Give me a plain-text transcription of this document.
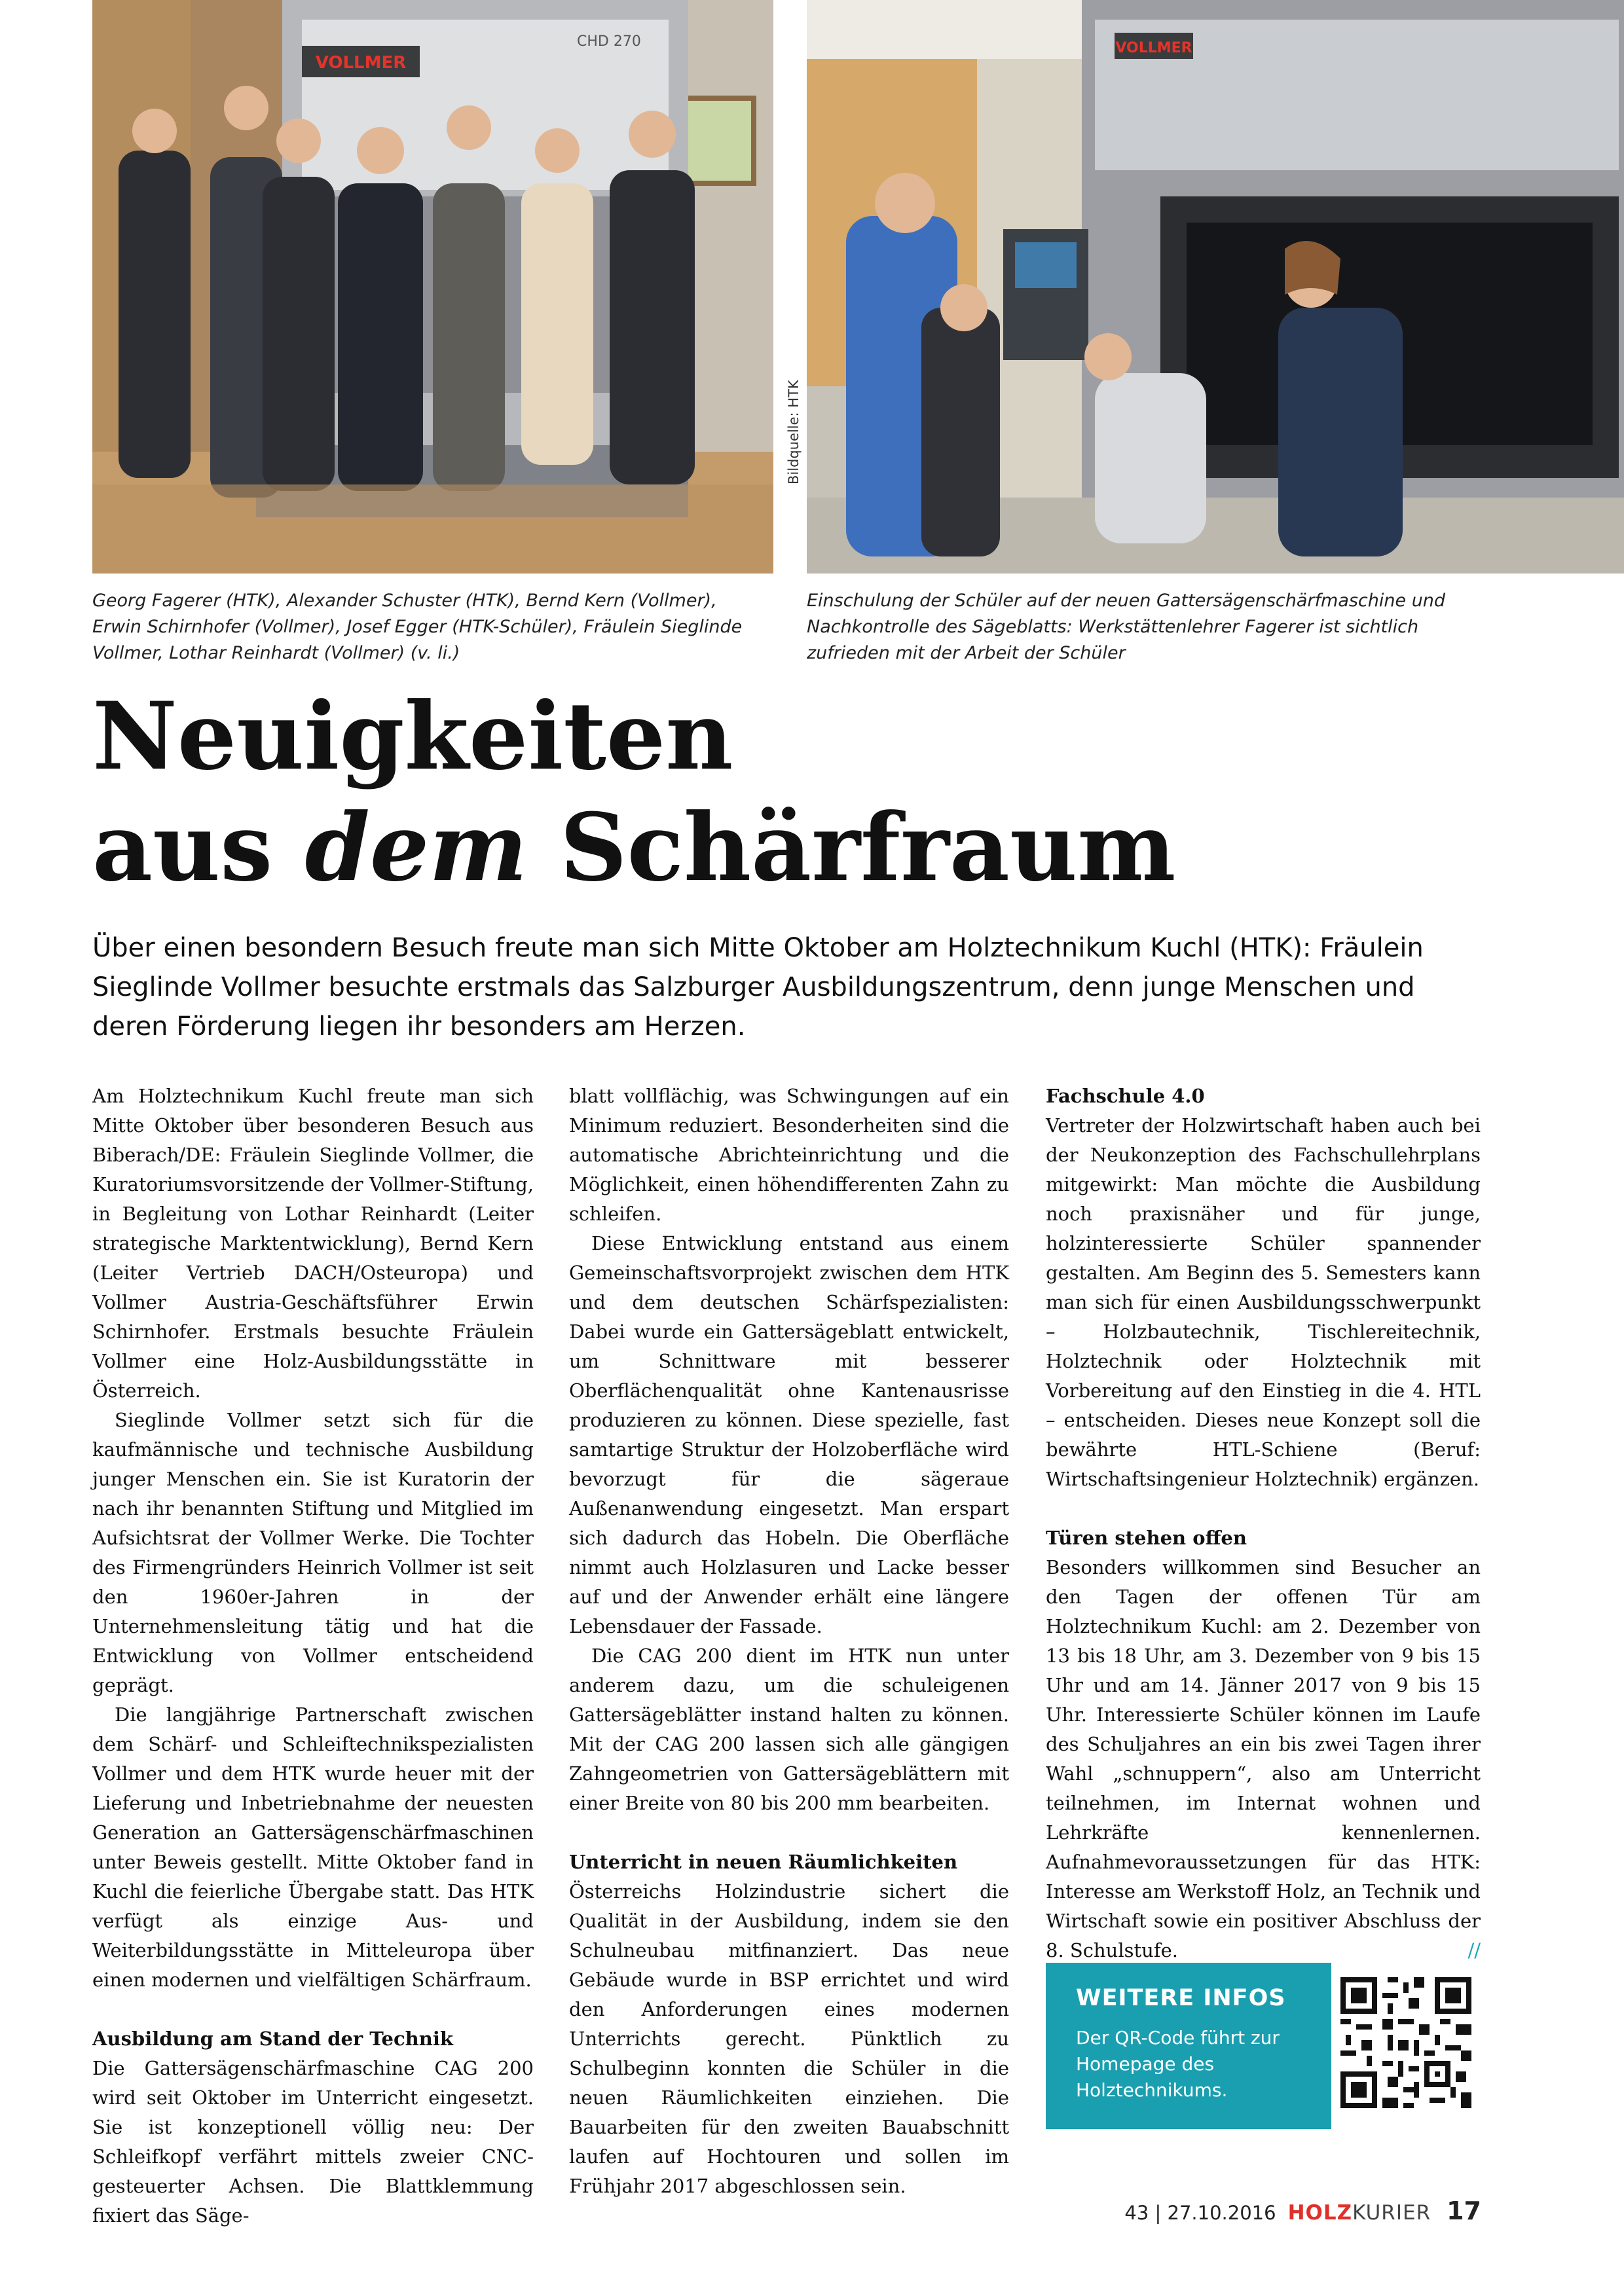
VOLLMER
CHD 270	VOLLMER
Bildquelle: HTK
Georg Fagerer (HTK), Alexander Schuster (HTK), Bernd Kern (Vollmer), Erwin Schirnhofer (Vollmer), Josef Egger (HTK-Schüler), Fräulein Sieglinde Vollmer, Lothar Reinhardt (Vollmer) (v. li.)
Einschulung der Schüler auf der neuen Gattersägenschärfmaschine und Nachkontrolle des Sägeblatts: Werkstättenlehrer Fagerer ist sichtlich zufrieden mit der Arbeit der Schüler
Neuigkeiten
aus dem Schärfraum

Über einen besondern Besuch freute man sich Mitte Oktober am Holztechnikum Kuchl (HTK): Fräulein Sieglinde Vollmer besuchte erstmals das Salzburger Ausbildungszentrum, denn junge Menschen und deren Förderung liegen ihr besonders am Herzen.

Am Holztechnikum Kuchl freute man sich Mitte Oktober über besonderen Besuch aus Biberach/DE: Fräulein Sieglinde Vollmer, die Kuratoriumsvorsitzende der Vollmer-Stiftung, in Begleitung von Lothar Reinhardt (Leiter strategische Marktentwicklung), Bernd Kern (Leiter Vertrieb DACH/Osteuropa) und Vollmer Austria-Geschäftsführer Erwin Schirnhofer. Erstmals besuchte Fräulein Vollmer eine Holz-Ausbildungsstätte in Österreich.

Sieglinde Vollmer setzt sich für die kaufmännische und technische Ausbildung junger Menschen ein. Sie ist Kuratorin der nach ihr benannten Stiftung und Mitglied im Aufsichtsrat der Vollmer Werke. Die Tochter des Firmengründers Heinrich Vollmer ist seit den 1960er-Jahren in der Unternehmensleitung tätig und hat die Entwicklung von Vollmer entscheidend geprägt.

Die langjährige Partnerschaft zwischen dem Schärf- und Schleiftechnikspezialisten Vollmer und dem HTK wurde heuer mit der Lieferung und Inbetriebnahme der neuesten Generation an Gattersägenschärfmaschinen unter Beweis gestellt. Mitte Oktober fand in Kuchl die feierliche Übergabe statt. Das HTK verfügt als einzige Aus- und Weiterbildungsstätte in Mitteleuropa über einen modernen und vielfältigen Schärfraum.

Ausbildung am Stand der Technik

Die Gattersägenschärfmaschine CAG 200 wird seit Oktober im Unterricht eingesetzt. Sie ist konzeptionell völlig neu: Der Schleifkopf verfährt mittels zweier CNC-gesteuerter Achsen. Die Blattklemmung fixiert das Säge-

blatt vollflächig, was Schwingungen auf ein Minimum reduziert. Besonderheiten sind die automatische Abrichteinrichtung und die Möglichkeit, einen höhendifferenten Zahn zu schleifen.

Diese Entwicklung entstand aus einem Gemeinschaftsvorprojekt zwischen dem HTK und dem deutschen Schärfspezialisten: Dabei wurde ein Gattersägeblatt entwickelt, um Schnittware mit besserer Oberflächenqualität ohne Kantenausrisse produzieren zu können. Diese spezielle, fast samtartige Struktur der Holzoberfläche wird bevorzugt für die sägeraue Außenanwendung eingesetzt. Man erspart sich dadurch das Hobeln. Die Oberfläche nimmt auch Holzlasuren und Lacke besser auf und der Anwender erhält eine längere Lebensdauer der Fassade.

Die CAG 200 dient im HTK nun unter anderem dazu, um die schuleigenen Gattersägeblätter instand halten zu können. Mit der CAG 200 lassen sich alle gängigen Zahngeometrien von Gattersägeblättern mit einer Breite von 80 bis 200 mm bearbeiten.

Unterricht in neuen Räumlichkeiten

Österreichs Holzindustrie sichert die Qualität in der Ausbildung, indem sie den Schulneubau mitfinanziert. Das neue Gebäude wurde in BSP errichtet und wird den Anforderungen eines modernen Unterrichts gerecht. Pünktlich zu Schulbeginn konnten die Schüler in die neuen Räumlichkeiten einziehen. Die Bauarbeiten für den zweiten Bauabschnitt laufen auf Hochtouren und sollen im Frühjahr 2017 abgeschlossen sein.

Fachschule 4.0

Vertreter der Holzwirtschaft haben auch bei der Neukonzeption des Fachschullehrplans mitgewirkt: Man möchte die Ausbildung noch praxisnäher und für junge, holzinteressierte Schüler spannender gestalten. Am Beginn des 5. Semesters kann man sich für einen Ausbildungsschwerpunkt – Holzbautechnik, Tischlereitechnik, Holztechnik oder Holztechnik mit Vorbereitung auf den Einstieg in die 4. HTL – entscheiden. Dieses neue Konzept soll die bewährte HTL-Schiene (Beruf: Wirtschaftsingenieur Holztechnik) ergänzen.

Türen stehen offen

Besonders willkommen sind Besucher an den Tagen der offenen Tür am Holztechnikum Kuchl: am 2. Dezember von 13 bis 18 Uhr, am 3. Dezember von 9 bis 15 Uhr und am 14. Jänner 2017 von 9 bis 15 Uhr. Interessierte Schüler können im Laufe des Schuljahres an ein bis zwei Tagen ihrer Wahl „schnuppern“, also am Unterricht teilnehmen, im Internat wohnen und Lehrkräfte kennenlernen. Aufnahmevoraussetzungen für das HTK: Interesse am Werkstoff Holz, an Technik und Wirtschaft sowie ein positiver Abschluss der 8. Schulstufe.	//

WEITERE INFOS
Der QR-Code führt zur Homepage des Holztechnikums.
43 | 27.10.2016 HOLZKURIER 17
